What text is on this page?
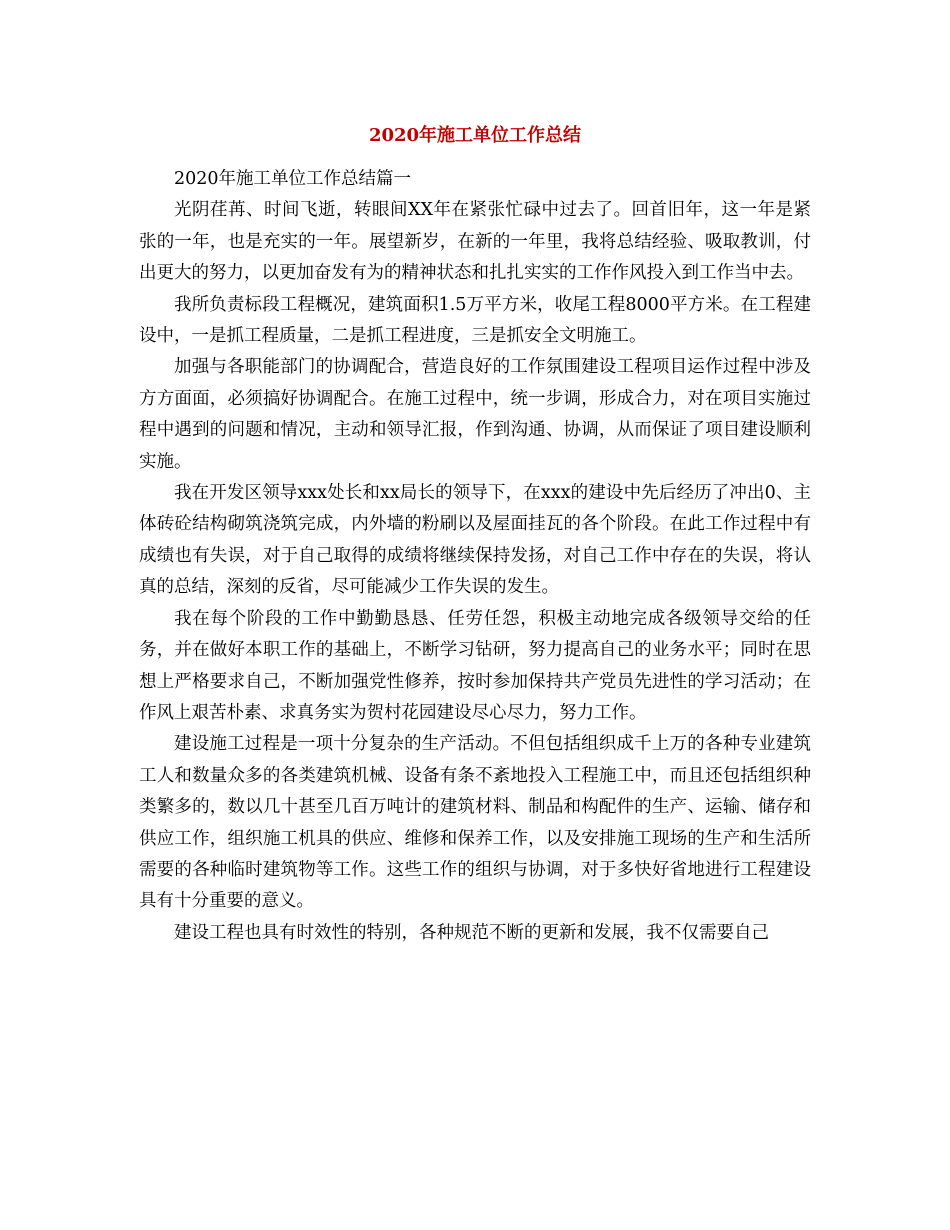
2020年施工单位工作总结

2020年施工单位工作总结篇一

光阴荏苒、时间飞逝，转眼间XX年在紧张忙碌中过去了。回首旧年，这一年是紧张的一年，也是充实的一年。展望新岁，在新的一年里，我将总结经验、吸取教训，付出更大的努力，以更加奋发有为的精神状态和扎扎实实的工作作风投入到工作当中去。

我所负责标段工程概况，建筑面积1.5万平方米，收尾工程8000平方米。在工程建设中，一是抓工程质量，二是抓工程进度，三是抓安全文明施工。

加强与各职能部门的协调配合，营造良好的工作氛围建设工程项目运作过程中涉及方方面面，必须搞好协调配合。在施工过程中，统一步调，形成合力，对在项目实施过程中遇到的问题和情况，主动和领导汇报，作到沟通、协调，从而保证了项目建设顺利实施。

我在开发区领导xxx处长和xx局长的领导下，在xxx的建设中先后经历了冲出0、主体砖砼结构砌筑浇筑完成，内外墙的粉刷以及屋面挂瓦的各个阶段。在此工作过程中有成绩也有失误，对于自己取得的成绩将继续保持发扬，对自己工作中存在的失误，将认真的总结，深刻的反省，尽可能减少工作失误的发生。

我在每个阶段的工作中勤勤恳恳、任劳任怨，积极主动地完成各级领导交给的任务，并在做好本职工作的基础上，不断学习钻研，努力提高自己的业务水平；同时在思想上严格要求自己，不断加强党性修养，按时参加保持共产党员先进性的学习活动；在作风上艰苦朴素、求真务实为贺村花园建设尽心尽力，努力工作。

建设施工过程是一项十分复杂的生产活动。不但包括组织成千上万的各种专业建筑工人和数量众多的各类建筑机械、设备有条不紊地投入工程施工中，而且还包括组织种类繁多的，数以几十甚至几百万吨计的建筑材料、制品和构配件的生产、运输、储存和供应工作，组织施工机具的供应、维修和保养工作，以及安排施工现场的生产和生活所需要的各种临时建筑物等工作。这些工作的组织与协调，对于多快好省地进行工程建设具有十分重要的意义。

建设工程也具有时效性的特别，各种规范不断的更新和发展，我不仅需要自己
